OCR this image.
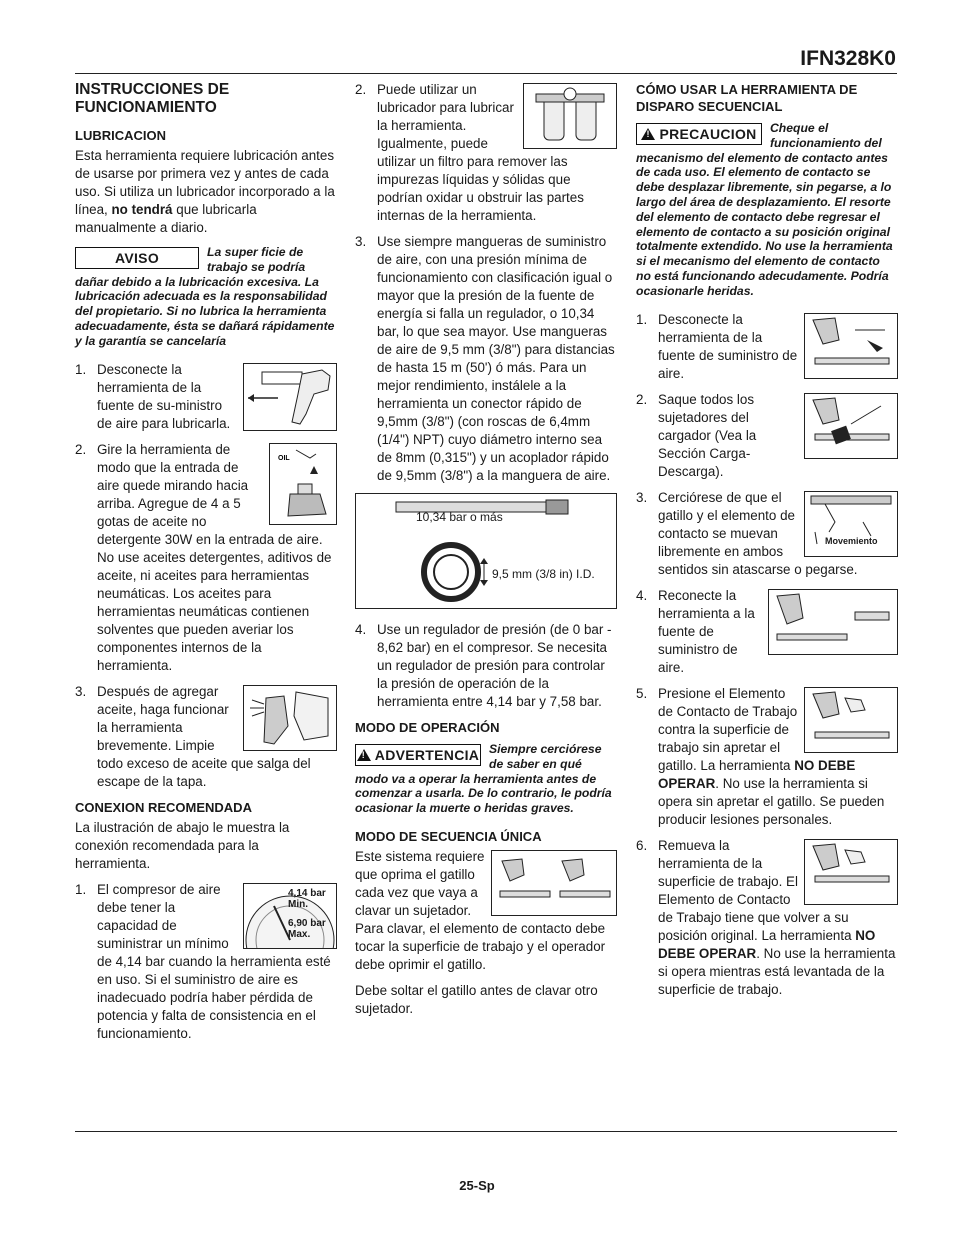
IFN328K0
INSTRUCCIONES DE
FUNCIONAMIENTO
LUBRICACION

Esta herramienta requiere lubricación antes de usarse por primera vez y antes de cada uso. Si utiliza un lubricador incorporado a la línea, no tendrá que lubricarla manualmente a diario.

AVISO	La super ficie de trabajo se podría dañar debido a la lubricación excesiva. La lubricación adecuada es la responsabilidad del propietario. Si no lubrica la herramienta adecuadamente, ésta se dañará rápidamente y la garantía se cancelaría
1. Desconecte la herramienta de la fuente de su-ministro de aire para lubricarla.
2.
OIL
Gire la herramienta de modo que la entrada de aire quede mirando hacia arriba. Agregue de 4 a 5 gotas de aceite no detergente 30W en la entrada de aire. No use aceites detergentes, aditivos de aceite, ni aceites para herramientas neumáticas. Los aceites para herramientas neumáticas contienen solventes que pueden averiar los componentes internos de la herramienta.
3. Después de agregar aceite, haga funcionar la herramienta brevemente. Limpie todo exceso de aceite que salga del escape de la tapa.
CONEXION RECOMENDADA

La ilustración de abajo le muestra la conexión recomendada para la herramienta.

1.	4,14 bar Min.
6,90 bar Max.
El compresor de aire debe tener la capacidad de suministrar un mínimo de 4,14 bar cuando la herramienta esté en uso. Si el suministro de aire es inadecuado podría haber pérdida de potencia y falta de consistencia en el funcionamiento.
2. Puede utilizar un lubricador para lubricar la herramienta. Igualmente, puede utilizar un filtro para remover las impurezas líquidas y sólidas que podrían oxidar u obstruir las partes internas de la herramienta.
3. Use siempre mangueras de suministro de aire, con una presión mínima de funcionamiento con clasificación igual o mayor que la presión de la fuente de energía si falla un regulador, o 10,34 bar, lo que sea mayor. Use mangueras de aire de 9,5 mm (3/8") para distancias de hasta 15 m (50') ó más. Para un mejor rendimiento, instálele a la herramienta un conector rápido de 9,5mm (3/8") (con roscas de 6,4mm (1/4") NPT) cuyo diámetro interno sea de 8mm (0,315") y un acoplador rápido de 9,5mm (3/8") a la manguera de aire.
10,34 bar o más
9,5 mm (3/8 in) I.D.
4. Use un regulador de presión (de 0 bar - 8,62 bar) en el compresor. Se necesita un regulador de presión para controlar la presión de operación de la herramienta entre 4,14 bar y 7,58 bar.
MODO DE OPERACIÓN
!
ADVERTENCIA Siempre cerciórese de saber en qué modo va a operar la herramienta antes de comenzar a usarla. De lo contrario, le podría ocasionar la muerte o heridas graves.
MODO DE SECUENCIA ÚNICA

Este sistema requiere que oprima el gatillo cada vez que vaya a clavar un sujetador. Para clavar, el elemento de contacto debe tocar la superficie de trabajo y el operador debe oprimir el gatillo.

Debe soltar el gatillo antes de clavar otro sujetador.

CÓMO USAR LA HERRAMIENTA DE DISPARO SECUENCIAL
!
PRECAUCION Cheque el funcionamiento del mecanismo del elemento de contacto antes de cada uso. El elemento de contacto se debe desplazar libremente, sin pegarse, a lo largo del área de desplazamiento. El resorte del elemento de contacto debe regresar el elemento de contacto a su posición original totalmente extendido. No use la herramienta si el mecanismo del elemento de contacto no está funcionando adecudamente. Podría ocasionarle heridas.
1. Desconecte la herramienta de la fuente de suministro de aire.
2. Saque todos los sujetadores del cargador (Vea la Sección Carga-Descarga).
3.
Movemiento
Cerciórese de que el gatillo y el elemento de contacto se muevan libremente en ambos sentidos sin atascarse o pegarse.
4. Reconecte la herramienta a la fuente de suministro de aire.
5. Presione el Elemento de Contacto de Trabajo contra la superficie de trabajo sin apretar el gatillo. La herramienta NO DEBE OPERAR. No use la herramienta si opera sin apretar el gatillo. Se pueden producir lesiones personales.
6. Remueva la herramienta de la superficie de trabajo. El Elemento de Contacto de Trabajo tiene que volver a su posición original. La herramienta NO DEBE OPERAR. No use la herramienta si opera mientras está levantada de la superficie de trabajo.
25-Sp
